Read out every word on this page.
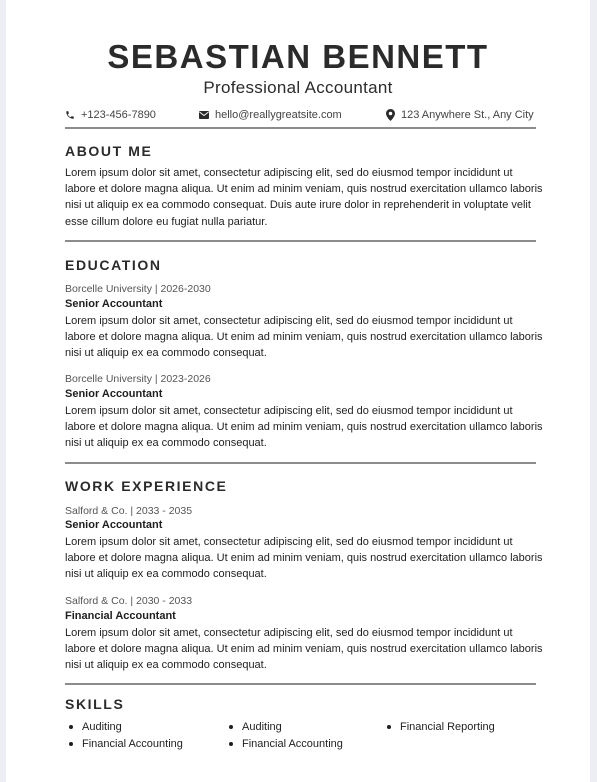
SEBASTIAN BENNETT
Professional Accountant
+123-456-7890	hello@reallygreatsite.com	123 Anywhere St., Any City
ABOUT ME
Lorem ipsum dolor sit amet, consectetur adipiscing elit, sed do eiusmod tempor incididunt ut labore et dolore magna aliqua. Ut enim ad minim veniam, quis nostrud exercitation ullamco laboris nisi ut aliquip ex ea commodo consequat. Duis aute irure dolor in reprehenderit in voluptate velit esse cillum dolore eu fugiat nulla pariatur.
EDUCATION
Borcelle University | 2026-2030
Senior Accountant
Lorem ipsum dolor sit amet, consectetur adipiscing elit, sed do eiusmod tempor incididunt ut labore et dolore magna aliqua. Ut enim ad minim veniam, quis nostrud exercitation ullamco laboris nisi ut aliquip ex ea commodo consequat.
Borcelle University | 2023-2026
Senior Accountant
Lorem ipsum dolor sit amet, consectetur adipiscing elit, sed do eiusmod tempor incididunt ut labore et dolore magna aliqua. Ut enim ad minim veniam, quis nostrud exercitation ullamco laboris nisi ut aliquip ex ea commodo consequat.
WORK EXPERIENCE
Salford & Co. | 2033 - 2035
Senior Accountant
Lorem ipsum dolor sit amet, consectetur adipiscing elit, sed do eiusmod tempor incididunt ut labore et dolore magna aliqua. Ut enim ad minim veniam, quis nostrud exercitation ullamco laboris nisi ut aliquip ex ea commodo consequat.
Salford & Co. | 2030 - 2033
Financial Accountant
Lorem ipsum dolor sit amet, consectetur adipiscing elit, sed do eiusmod tempor incididunt ut labore et dolore magna aliqua. Ut enim ad minim veniam, quis nostrud exercitation ullamco laboris nisi ut aliquip ex ea commodo consequat.
SKILLS
Auditing	Auditing	Financial Reporting
Financial Accounting	Financial Accounting
